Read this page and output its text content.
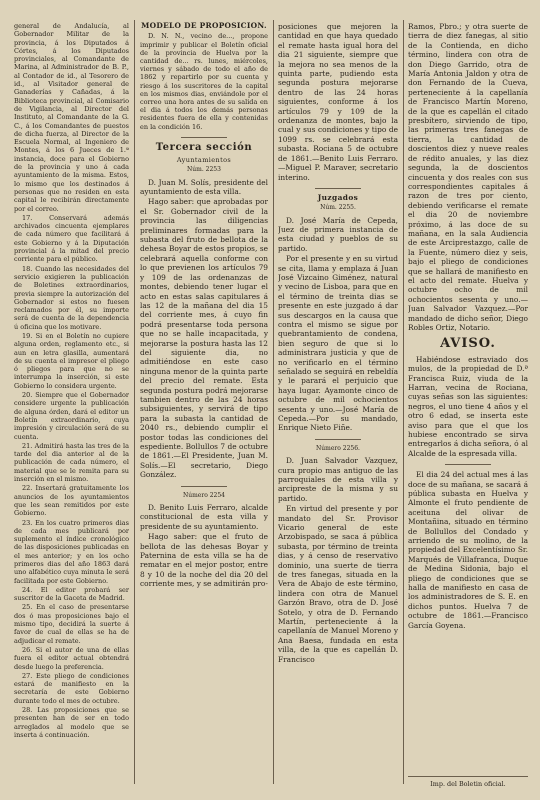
general de Andalucía, al Gobernador Militar de la provincia, á los Diputados á Córtes, á los Diputados provinciales, al Comandante de Marina, al Administrador de B. P., al Contador de id., al Tesorero de id., al Visitador general de Ganaderías y Cañadas, á la Biblioteca provincial, al Comisario de Vigilancia, al Director del Instituto, al Comandante de la G. C., á los Comandantes de puestos de dicha fuerza, al Director de la Escuela Normal, al Ingeniero de Montes, á los 6 Jueces de 1.ª instancia, doce para el Gobierno de la provincia y uno á cada ayuntamiento de la misma. Estos, lo mismo que los destinados á personas que no residen en esta capital le recibirán directamente por el correo.

17. Conservará además archivados cincuenta ejemplares de cada número que facilitará á este Gobierno y á la Diputación provincial á la mitad del precio corriente para el público.

18. Cuando las necesidades del servicio exigieren la publicación de Boletines extraordinarios, previa siempre la autorización del Gobernador si estos no fuesen reclamados por él, su importe será de cuenta de la dependencia ú oficina que los motivare.

19. Si en el Boletín no cupiere alguna orden, reglamento etc., si aun en letra glasilla, aumentará de su cuenta el impresor el pliego ó pliegos para que no se interrumpa la inserción, si este Gobierno lo considera urgente.

20. Siempre que el Gobernador considere urgente la publicación de alguna órden, dará el editor un Boletín extraordinario, cuya impresión y circulación será de su cuenta.

21. Admitirá hasta las tres de la tarde del dia anterior al de la publicación de cada número, el material que se le remita para su inserción en el mismo.

22. Insertará gratuitamente los anuncios de los ayuntamientos que les sean remitidos por este Gobierno.

23. En los cuatro primeros dias de cada mes publicará por suplemento el índice cronológico de las disposiciones publicadas en el mes anterior; y en los ocho primeros dias del año 1863 dará uno alfabético cuya minuta le será facilitada por este Gobierno.

24. El editor probará ser suscritor de la Gaceta de Madrid.

25. En el caso de presentarse dos ó mas proposiciones bajo el mismo tipo, decidirá la suerte á favor de cual de ellas se ha de adjudicar el remate.

26. Si el autor de una de ellas fuera el editor actual obtendrá desde luego la preferencia.

27. Este pliego de condiciones estará de manifiesto en la secretaría de este Gobierno durante todo el mes de octubre.

28. Las proposiciones que se presenten han de ser en todo arreglados al modelo que se inserta á continuación.

MODELO DE PROPOSICION.

D. N. N., vecino de..., propone imprimir y publicar el Boletín oficial de la provincia de Huelva por la cantidad de... rs. lunes, miércoles, viernes y sábado de todo el año de 1862 y repartirlo por su cuenta y riesgo á los suscritores de la capital en los mismos dias, enviándole por el correo una hora antes de su salida en el dia á todos los demás personas residentes fuera de ella y contenidas en la condición 16.

Tercera sección
Ayuntamientos
Núm. 2253

D. Juan M. Solís, presidente del ayuntamiento de esta villa.

Hago saber: que aprobadas por el Sr. Gobernador civil de la provincia las diligencias preliminares formadas para la subasta del fruto de bellota de la dehesa Boyar de estos propios, se celebrará aquella conforme con lo que previenen los artículos 79 y 109 de las ordenanzas de montes, debiendo tener lugar el acto en estas salas capitulares á las 12 de la mañana del dia 15 del corriente mes, á cuyo fin podrá presentarse toda persona que no se halle incapacitada, y mejorarse la postura hasta las 12 del siguiente dia, no admitiéndose en este caso ninguna menor de la quinta parte del precio del remate. Esta segunda postura podrá mejorarse tambien dentro de las 24 horas subsiguientes, y servirá de tipo para la subasta la cantidad de 2040 rs., debiendo cumplir el postor todas las condiciones del espediente. Bollullos 7 de octubre de 1861.—El Presidente, Juan M. Solís.—El secretario, Diego González.

Número 2254

D. Benito Luis Ferraro, alcalde constitucional de esta villa y presidente de su ayuntamiento.

Hago saber: que el fruto de bellota de las dehesas Boyar y Paternina de esta villa se ha de rematar en el mejor postor, entre 8 y 10 de la noche del dia 20 del corriente mes, y se admitirán pro-

posiciones que mejoren la cantidad en que haya quedado el remate hasta igual hora del dia 21 siguiente, siempre que la mejora no sea menos de la quinta parte, pudiendo esta segunda postura mejorarse dentro de las 24 horas siguientes, conforme á los artículos 79 y 109 de la ordenanza de montes, bajo la cual y sus condiciones y tipo de 1099 rs. se celebrará esta subasta. Rociana 5 de octubre de 1861.—Benito Luis Ferraro.—Miguel P. Maraver, secretario interino.

Juzgados
Núm. 2255.

D. José María de Cepeda, Juez de primera instancia de esta ciudad y pueblos de su partido.

Por el presente y en su virtud se cita, llama y emplaza á Juan José Vizcaino Giménez, natural y vecino de Lisboa, para que en el término de treinta dias se presente en este juzgado á dar sus descargos en la causa que contra el mismo se sigue por quebrantamiento de condena, bien seguro de que si lo administrara justicia y que de no verificarlo en el término señalado se seguirá en rebeldía y le parará el perjuicio que haya lugar. Ayamonte cinco de octubre de mil ochocientos sesenta y uno.—José María de Cepeda.—Por su mandado, Enrique Nieto Fiñe.

Número 2256.

D. Juan Salvador Vazquez, cura propio mas antiguo de las parroquiales de esta villa y arcipreste de la misma y su partido.

En virtud del presente y por mandato del Sr. Provisor Vicario general de este Arzobispado, se saca á pública subasta, por término de treinta dias, y á censo de reservativo dominio, una suerte de tierra de tres fanegas, situada en la Vera de Abajo de este término, lindera con otra de Manuel Garzón Bravo, otra de D. José Sotelo, y otra de D. Fernando Martín, perteneciente á la capellanía de Manuel Moreno y Ana Baesa, fundada en esta villa, de la que es capellán D. Francisco

Ramos, Pbro.; y otra suerte de tierra de diez fanegas, al sitio de la Contienda, en dicho término, lindera con otra de don Diego Garrido, otra de María Antonia Jaldon y otra de don Fernando de la Cueva, perteneciente á la capellanía de Francisco Martín Moreno, de la que es capellán el citado presbítero, sirviendo de tipo, las primeras tres fanegas de tierra, la cantidad de doscientos diez y nueve reales de rédito anuales, y las diez segunda, la de doscientos cincuenta y dos reales con sus correspondientes capitales á razon de tres por ciento, debiendo verificarse el remate el dia 20 de noviembre próximo, á las doce de su mañana, en la sala Audiencia de este Arciprestazgo, calle de la Fuente, número diez y seis, bajo el pliego de condiciones que se hallará de manifiesto en el acto del remate. Huelva y octubre ocho de mil ochocientos sesenta y uno.—Juan Salvador Vazquez.—Por mandado de dicho señor, Diego Robles Ortiz, Notario.

AVISO.

Habiéndose estraviado dos mulos, de la propiedad de D.ª Francisca Ruiz, viuda de la Harran, vecina de Rociana, cuyas señas son las siguientes: negros, el uno tiene 4 años y el otro 6 edad, se inserta este aviso para que el que los hubiese encontrado se sirva entregarlos á dicha señora, ó al Alcalde de la espresada villa.

El dia 24 del actual mes á las doce de su mañana, se sacará á pública subasta en Huelva y Almonte el fruto pendiente de aceituna del olivar de Montañina, situado en término de Bollullos del Condado y arriendo de su molino, de la propiedad del Excelentísimo Sr. Marqués de Villafranca, Duque de Medina Sidonia, bajo el pliego de condiciones que se halla de manifiesto en casa de los administradores de S. E. en dichos puntos. Huelva 7 de octubre de 1861.—Francisco García Goyena.

Imp. del Boletin oficial.
